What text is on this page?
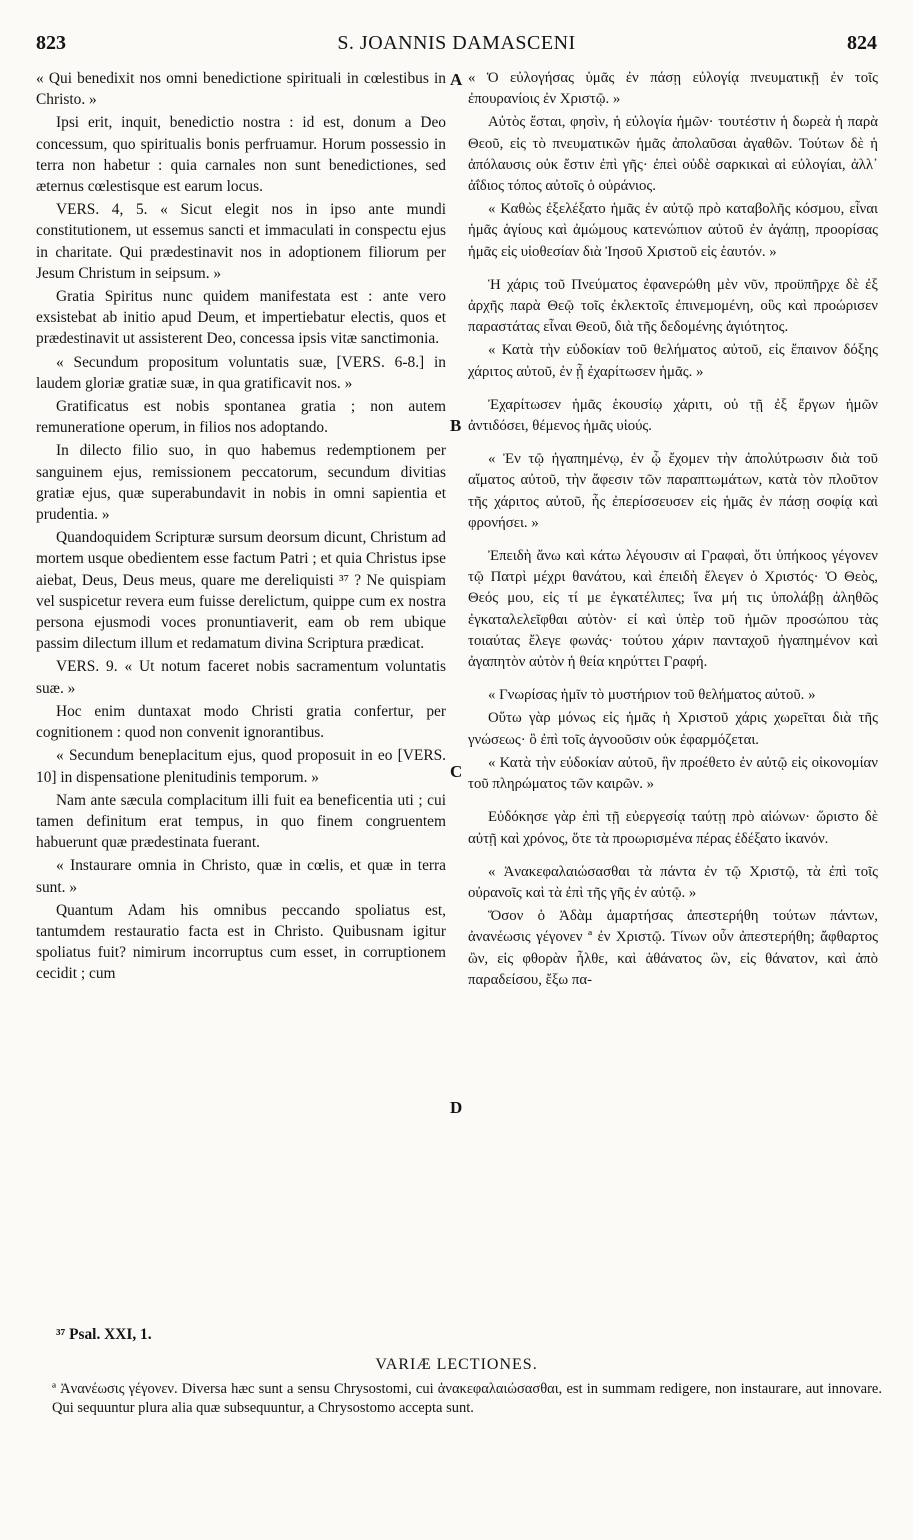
823	S. JOANNIS DAMASCENI	824

« Qui benedixit nos omni benedictione spirituali in cœlestibus in Christo. »

Ipsi erit, inquit, benedictio nostra : id est, donum a Deo concessum, quo spiritualis bonis perfruamur. Horum possessio in terra non habetur : quia carnales non sunt benedictiones, sed æternus cœlestisque est earum locus.

VERS. 4, 5. « Sicut elegit nos in ipso ante mundi constitutionem, ut essemus sancti et immaculati in conspectu ejus in charitate. Qui prædestinavit nos in adoptionem filiorum per Jesum Christum in seipsum. »

Gratia Spiritus nunc quidem manifestata est : ante vero exsistebat ab initio apud Deum, et impertiebatur electis, quos et prædestinavit ut assisterent Deo, concessa ipsis vitæ sanctimonia.

« Secundum propositum voluntatis suæ, [VERS. 6-8.] in laudem gloriæ gratiæ suæ, in qua gratificavit nos. »

Gratificatus est nobis spontanea gratia ; non autem remuneratione operum, in filios nos adoptando.

In dilecto filio suo, in quo habemus redemptionem per sanguinem ejus, remissionem peccatorum, secundum divitias gratiæ ejus, quæ superabundavit in nobis in omni sapientia et prudentia. »

Quandoquidem Scripturæ sursum deorsum dicunt, Christum ad mortem usque obedientem esse factum Patri ; et quia Christus ipse aiebat, Deus, Deus meus, quare me dereliquisti ³⁷ ? Ne quispiam vel suspicetur revera eum fuisse derelictum, quippe cum ex nostra persona ejusmodi voces pronuntiaverit, eam ob rem ubique passim dilectum illum et redamatum divina Scriptura prædicat.

VERS. 9. « Ut notum faceret nobis sacramentum voluntatis suæ. »

Hoc enim duntaxat modo Christi gratia confertur, per cognitionem : quod non convenit ignorantibus.

« Secundum beneplacitum ejus, quod proposuit in eo [VERS. 10] in dispensatione plenitudinis temporum. »

Nam ante sæcula complacitum illi fuit ea beneficentia uti ; cui tamen definitum erat tempus, in quo finem congruentem habuerunt quæ prædestinata fuerant.

« Instaurare omnia in Christo, quæ in cœlis, et quæ in terra sunt. »

Quantum Adam his omnibus peccando spoliatus est, tantumdem restauratio facta est in Christo. Quibusnam igitur spoliatus fuit? nimirum incorruptus cum esset, in corruptionem cecidit ; cum

« Ὁ εὐλογήσας ὑμᾶς ἐν πάσῃ εὐλογίᾳ πνευματικῇ ἐν τοῖς ἐπουρανίοις ἐν Χριστῷ. »

Αὐτὸς ἔσται, φησὶν, ἡ εὐλογία ἡμῶν· τουτέστιν ἡ δωρεὰ ἡ παρὰ Θεοῦ, εἰς τὸ πνευματικῶν ἡμᾶς ἀπολαῦσαι ἀγαθῶν. Τούτων δὲ ἡ ἀπόλαυσις οὐκ ἔστιν ἐπὶ γῆς· ἐπεὶ οὐδὲ σαρκικαὶ αἱ εὐλογίαι, ἀλλ᾽ ἀΐδιος τόπος αὐτοῖς ὁ οὐράνιος.

« Καθὼς ἐξελέξατο ἡμᾶς ἐν αὐτῷ πρὸ καταβολῆς κόσμου, εἶναι ἡμᾶς ἁγίους καὶ ἀμώμους κατενώπιον αὐτοῦ ἐν ἀγάπῃ, προορίσας ἡμᾶς εἰς υἱοθεσίαν διὰ Ἰησοῦ Χριστοῦ εἰς ἑαυτόν. »

Ἡ χάρις τοῦ Πνεύματος ἐφανερώθη μὲν νῦν, προϋπῆρχε δὲ ἐξ ἀρχῆς παρὰ Θεῷ τοῖς ἐκλεκτοῖς ἐπινεμομένη, οὓς καὶ προώρισεν παραστάτας εἶναι Θεοῦ, διὰ τῆς δεδομένης ἁγιότητος.

« Κατὰ τὴν εὐδοκίαν τοῦ θελήματος αὐτοῦ, εἰς ἔπαινον δόξης χάριτος αὐτοῦ, ἐν ᾗ ἐχαρίτωσεν ἡμᾶς. »

Ἐχαρίτωσεν ἡμᾶς ἑκουσίῳ χάριτι, οὐ τῇ ἐξ ἔργων ἡμῶν ἀντιδόσει, θέμενος ἡμᾶς υἱούς.

« Ἐν τῷ ἠγαπημένῳ, ἐν ᾧ ἔχομεν τὴν ἀπολύτρωσιν διὰ τοῦ αἵματος αὐτοῦ, τὴν ἄφεσιν τῶν παραπτωμάτων, κατὰ τὸν πλοῦτον τῆς χάριτος αὐτοῦ, ἧς ἐπερίσσευσεν εἰς ἡμᾶς ἐν πάσῃ σοφίᾳ καὶ φρονήσει. »

Ἐπειδὴ ἄνω καὶ κάτω λέγουσιν αἱ Γραφαὶ, ὅτι ὑπήκοος γέγονεν τῷ Πατρὶ μέχρι θανάτου, καὶ ἐπειδὴ ἔλεγεν ὁ Χριστός· Ὁ Θεὸς, Θεός μου, εἰς τί με ἐγκατέλιπες; ἵνα μή τις ὑπολάβῃ ἀληθῶς ἐγκαταλελεῖφθαι αὐτὸν· εἰ καὶ ὑπὲρ τοῦ ἡμῶν προσώπου τὰς τοιαύτας ἔλεγε φωνάς· τούτου χάριν πανταχοῦ ἠγαπημένον καὶ ἀγαπητὸν αὐτὸν ἡ θεία κηρύττει Γραφή.

« Γνωρίσας ἡμῖν τὸ μυστήριον τοῦ θελήματος αὐτοῦ. »

Οὕτω γὰρ μόνως εἰς ἡμᾶς ἡ Χριστοῦ χάρις χωρεῖται διὰ τῆς γνώσεως· ὃ ἐπὶ τοῖς ἀγνοοῦσιν οὐκ ἐφαρμόζεται.

« Κατὰ τὴν εὐδοκίαν αὐτοῦ, ἣν προέθετο ἐν αὐτῷ εἰς οἰκονομίαν τοῦ πληρώματος τῶν καιρῶν. »

Εὐδόκησε γὰρ ἐπὶ τῇ εὐεργεσίᾳ ταύτῃ πρὸ αἰώνων· ὥριστο δὲ αὐτῇ καὶ χρόνος, ὅτε τὰ προωρισμένα πέρας ἐδέξατο ἱκανόν.

« Ἀνακεφαλαιώσασθαι τὰ πάντα ἐν τῷ Χριστῷ, τὰ ἐπὶ τοῖς οὐρανοῖς καὶ τὰ ἐπὶ τῆς γῆς ἐν αὐτῷ. »

Ὅσον ὁ Ἀδὰμ ἁμαρτήσας ἀπεστερήθη τούτων πάντων, ἀνανέωσις γέγονεν ª ἐν Χριστῷ. Τίνων οὖν ἀπεστερήθη; ἄφθαρτος ὢν, εἰς φθορὰν ἦλθε, καὶ ἀθάνατος ὢν, εἰς θάνατον, καὶ ἀπὸ παραδείσου, ἔξω πα-

A
B
C
D
³⁷ Psal. XXI, 1.
VARIÆ LECTIONES.
ª Ἀνανέωσις γέγονεν. Diversa hæc sunt a sensu Chrysostomi, cui ἀνακεφαλαιώσασθαι, est in summam redigere, non instaurare, aut innovare. Qui sequuntur plura alia quæ subsequuntur, a Chrysostomo accepta sunt.
